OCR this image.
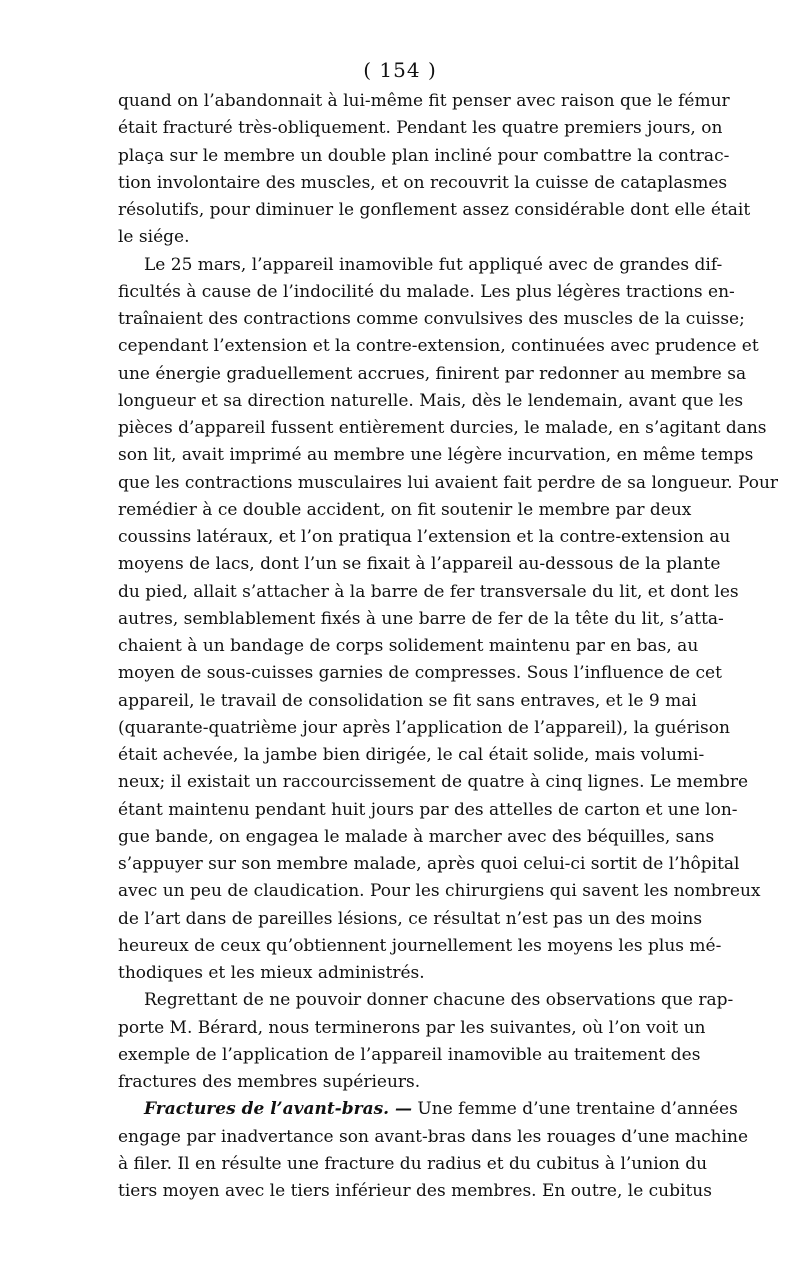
( 154 )
quand on l’abandonnait à lui-même fit penser avec raison que le fémur
était fracturé très-obliquement. Pendant les quatre premiers jours, on
plaça sur le membre un double plan incliné pour combattre la contrac-
tion involontaire des muscles, et on recouvrit la cuisse de cataplasmes
résolutifs, pour diminuer le gonflement assez considérable dont elle était
le siége.
Le 25 mars, l’appareil inamovible fut appliqué avec de grandes dif-
ficultés à cause de l’indocilité du malade. Les plus légères tractions en-
traînaient des contractions comme convulsives des muscles de la cuisse;
cependant l’extension et la contre-extension, continuées avec prudence et
une énergie graduellement accrues, finirent par redonner au membre sa
longueur et sa direction naturelle. Mais, dès le lendemain, avant que les
pièces d’appareil fussent entièrement durcies, le malade, en s’agitant dans
son lit, avait imprimé au membre une légère incurvation, en même temps
que les contractions musculaires lui avaient fait perdre de sa longueur. Pour
remédier à ce double accident, on fit soutenir le membre par deux
coussins latéraux, et l’on pratiqua l’extension et la contre-extension au
moyens de lacs, dont l’un se fixait à l’appareil au-dessous de la plante
du pied, allait s’attacher à la barre de fer transversale du lit, et dont les
autres, semblablement fixés à une barre de fer de la tête du lit, s’atta-
chaient à un bandage de corps solidement maintenu par en bas, au
moyen de sous-cuisses garnies de compresses. Sous l’influence de cet
appareil, le travail de consolidation se fit sans entraves, et le 9 mai
(quarante-quatrième jour après l’application de l’appareil), la guérison
était achevée, la jambe bien dirigée, le cal était solide, mais volumi-
neux; il existait un raccourcissement de quatre à cinq lignes. Le membre
étant maintenu pendant huit jours par des attelles de carton et une lon-
gue bande, on engagea le malade à marcher avec des béquilles, sans
s’appuyer sur son membre malade, après quoi celui-ci sortit de l’hôpital
avec un peu de claudication. Pour les chirurgiens qui savent les nombreux
de l’art dans de pareilles lésions, ce résultat n’est pas un des moins
heureux de ceux qu’obtiennent journellement les moyens les plus mé-
thodiques et les mieux administrés.
Regrettant de ne pouvoir donner chacune des observations que rap-
porte M. Bérard, nous terminerons par les suivantes, où l’on voit un
exemple de l’application de l’appareil inamovible au traitement des
fractures des membres supérieurs.
Fractures de l’avant-bras. — Une femme d’une trentaine d’années
engage par inadvertance son avant-bras dans les rouages d’une machine
à filer. Il en résulte une fracture du radius et du cubitus à l’union du
tiers moyen avec le tiers inférieur des membres. En outre, le cubitus
